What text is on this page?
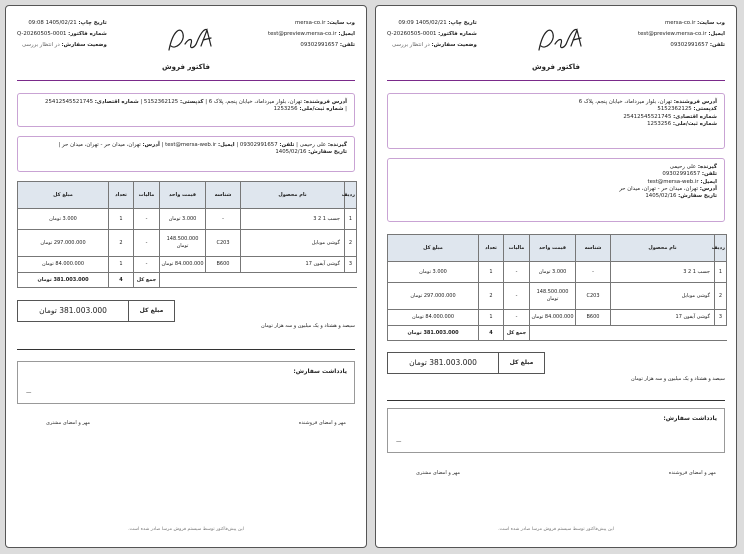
وب سایت: mersa-co.ir
ایمیل: test@preview.mersa-co.ir
تلفن: 09302991657
تاریخ چاپ: 1405/02/21 09:08
شماره فاکتور: Q-20260505-0001
وضعیت سفارش: در انتظار بررسی
فاکتور فروش
آدرس فروشنده: تهران، بلوار میرداماد، خیابان پنجم، پلاک 6 | کدپستی: 5152362125 | شماره اقتصادی: 25412545521745
| شماره ثبت/ملی: 1253256
گیرنده: علی رحیمی | تلفن: 09302991657 | ایمیل: test@mersa-web.ir | آدرس: تهران، میدان حر - تهران، میدان حر |
تاریخ سفارش: 1405/02/16
ردیف	نام محصول	شناسه	قیمت واحد	مالیات	تعداد	مبلغ کل
1	جسب 1 2 3	-	3.000 تومان	-	1	3.000 تومان
2	گوشی موبایل	C203	148.500.000 تومان	-	2	297.000.000 تومان
3	گوشی آیفون 17	B600	84.000.000 تومان	-	1	84.000.000 تومان
				جمع کل	4	381.003.000 تومان
مبلغ کل
381.003.000 تومان
سیصد و هشتاد و یک میلیون و سه هزار تومان
یادداشت سفارش:
—
مهر و امضای فروشنده
مهر و امضای مشتری
این پیش‌فاکتور توسط سیستم فروش مرسا صادر شده است.
وب سایت: mersa-co.ir
ایمیل: test@preview.mersa-co.ir
تلفن: 09302991657
تاریخ چاپ: 1405/02/21 09:09
شماره فاکتور: Q-20260505-0001
وضعیت سفارش: در انتظار بررسی
فاکتور فروش
آدرس فروشنده: تهران، بلوار میرداماد، خیابان پنجم، پلاک 6
کدپستی: 5152362125
شماره اقتصادی: 25412545521745
شماره ثبت/ملی: 1253256
گیرنده: علی رحیمی
تلفن: 09302991657
ایمیل: test@mersa-web.ir
آدرس: تهران، میدان حر - تهران، میدان حر
تاریخ سفارش: 1405/02/16
ردیف	نام محصول	شناسه	قیمت واحد	مالیات	تعداد	مبلغ کل
1	جسب 1 2 3	-	3.000 تومان	-	1	3.000 تومان
2	گوشی موبایل	C203	148.500.000 تومان	-	2	297.000.000 تومان
3	گوشی آیفون 17	B600	84.000.000 تومان	-	1	84.000.000 تومان
				جمع کل	4	381.003.000 تومان
مبلغ کل
381.003.000 تومان
سیصد و هشتاد و یک میلیون و سه هزار تومان
یادداشت سفارش:
—
مهر و امضای فروشنده
مهر و امضای مشتری
این پیش‌فاکتور توسط سیستم فروش مرسا صادر شده است.
